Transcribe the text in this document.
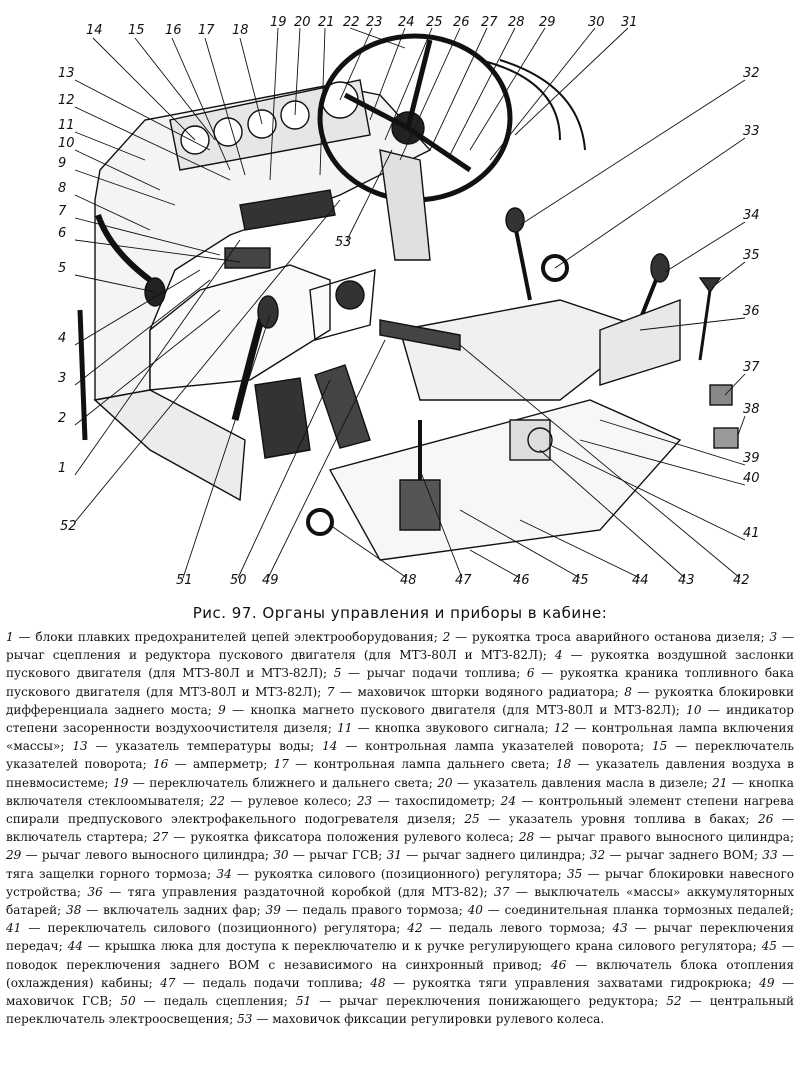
14 15 16 17 18
19 20 21 22 23 24 25 26 27 28 29 30 31
32
33
34
35
36
37
38
39
40
41
42
43
44
45
46
47
48
49
50
51
52
53
13
12
11
10
9
8
7
6
5
4
3
2
1
Рис. 97. Органы управления и приборы в кабине:
1 — блоки плавких предохранителей цепей электрооборудования; 2 — рукоятка троса аварийного останова дизеля; 3 — рычаг сцепления и редуктора пускового двигателя (для МТЗ-80Л и МТЗ-82Л); 4 — рукоятка воздушной заслонки пускового двигателя (для МТЗ-80Л и МТЗ-82Л); 5 — рычаг подачи топлива; 6 — рукоятка краника топливного бака пускового двигателя (для МТЗ-80Л и МТЗ-82Л); 7 — маховичок шторки водяного радиатора; 8 — рукоятка блокировки дифференциала заднего моста; 9 — кнопка магнето пускового двигателя (для МТЗ-80Л и МТЗ-82Л); 10 — индикатор степени засоренности воздухоочистителя дизеля; 11 — кнопка звукового сигнала; 12 — контрольная лампа включения «массы»; 13 — указатель температуры воды; 14 — контрольная лампа указателей поворота; 15 — переключатель указателей поворота; 16 — амперметр; 17 — контрольная лампа дальнего света; 18 — указатель давления воздуха в пневмосистеме; 19 — переключатель ближнего и дальнего света; 20 — указатель давления масла в дизеле; 21 — кнопка включателя стеклоомывателя; 22 — рулевое колесо; 23 — тахоспидометр; 24 — контрольный элемент степени нагрева спирали предпускового электрофакельного подогревателя дизеля; 25 — указатель уровня топлива в баках; 26 — включатель стартера; 27 — рукоятка фиксатора положения рулевого колеса; 28 — рычаг правого выносного цилиндра; 29 — рычаг левого выносного цилиндра; 30 — рычаг ГСВ; 31 — рычаг заднего цилиндра; 32 — рычаг заднего ВОМ; 33 — тяга защелки горного тормоза; 34 — рукоятка силового (позиционного) регулятора; 35 — рычаг блокировки навесного устройства; 36 — тяга управления раздаточной коробкой (для МТЗ-82); 37 — выключатель «массы» аккумуляторных батарей; 38 — включатель задних фар; 39 — педаль правого тормоза; 40 — соединительная планка тормозных педалей; 41 — переключатель силового (позиционного) регулятора; 42 — педаль левого тормоза; 43 — рычаг переключения передач; 44 — крышка люка для доступа к переключателю и к ручке регулирующего крана силового регулятора; 45 — поводок переключения заднего ВОМ с независимого на синхронный привод; 46 — включатель блока отопления (охлаждения) кабины; 47 — педаль подачи топлива; 48 — рукоятка тяги управления захватами гидрокрюка; 49 — маховичок ГСВ; 50 — педаль сцепления; 51 — рычаг переключения понижающего редуктора; 52 — центральный переключатель электроосвещения; 53 — маховичок фиксации регулировки рулевого колеса.
